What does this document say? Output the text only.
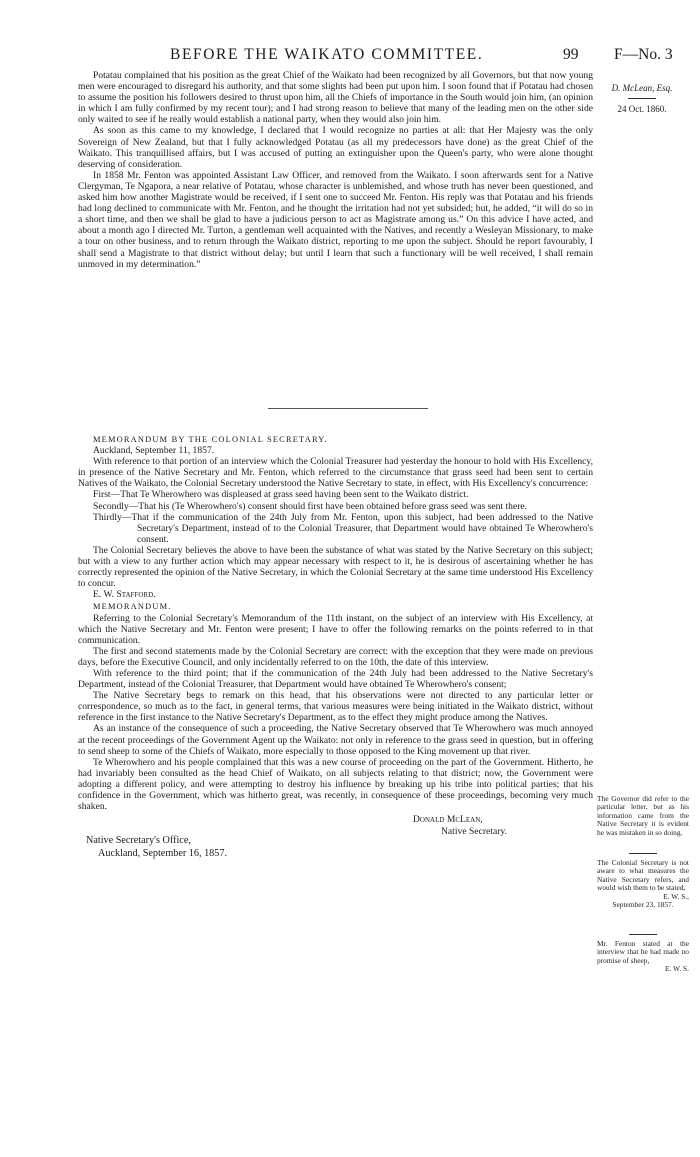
BEFORE THE WAIKATO COMMITTEE.	99 F—No. 3
D. McLean, Esq.
24 Oct. 1860.

Potatau complained that his position as the great Chief of the Waikato had been recognized by all Governors, but that now young men were encouraged to disregard his authority, and that some slights had been put upon him. I soon found that if Potatau had chosen to assume the position his followers desired to thrust upon him, all the Chiefs of importance in the South would join him, (an opinion in which I am fully confirmed by my recent tour); and I had strong reason to believe that many of the leading men on the other side only waited to see if he really would establish a national party, when they would also join him.

As soon as this came to my knowledge, I declared that I would recognize no parties at all: that Her Majesty was the only Sovereign of New Zealand, but that I fully acknowledged Potatau (as all my predecessors have done) as the great Chief of the Waikato. This tranquillised affairs, but I was accused of putting an extinguisher upon the Queen's party, who were alone thought deserving of consideration.

In 1858 Mr. Fenton was appointed Assistant Law Officer, and removed from the Waikato. I soon afterwards sent for a Native Clergyman, Te Ngapora, a near relative of Potatau, whose character is unblemished, and whose truth has never been questioned, and asked him how another Magistrate would be received, if I sent one to succeed Mr. Fenton. His reply was that Potatau and his friends had long declined to communicate with Mr. Fenton, and he thought the irritation had not yet subsided; but, he added, “it will do so in a short time, and then we shall be glad to have a judicious person to act as Magistrate among us.” On this advice I have acted, and about a month ago I directed Mr. Turton, a gentleman well acquainted with the Natives, and recently a Wesleyan Missionary, to make a tour on other business, and to return through the Waikato district, reporting to me upon the subject. Should he report favourably, I shall send a Magistrate to that district without delay; but until I learn that such a functionary will be well received, I shall remain unmoved in my determination.”

MEMORANDUM BY THE COLONIAL SECRETARY.

Auckland, September 11, 1857.

With reference to that portion of an interview which the Colonial Treasurer had yesterday the honour to hold with His Excellency, in presence of the Native Secretary and Mr. Fenton, which referred to the circumstance that grass seed had been sent to certain Natives of the Waikato, the Colonial Secretary understood the Native Secretary to state, in effect, with His Excellency's concurrence:

First—That Te Wherowhero was displeased at grass seed having been sent to the Waikato district.

Secondly—That his (Te Wherowhero's) consent should first have been obtained before grass seed was sent there.

Thirdly—That if the communication of the 24th July from Mr. Fenton, upon this subject, had been addressed to the Native Secretary's Department, instead of to the Colonial Treasurer, that Department would have obtained Te Wherowhero's consent.

The Colonial Secretary believes the above to have been the substance of what was stated by the Native Secretary on this subject; but with a view to any further action which may appear necessary with respect to it, he is desirous of ascertaining whether he has correctly represented the opinion of the Native Secretary, in which the Colonial Secretary at the same time understood His Excellency to concur.

E. W. Stafford.

MEMORANDUM.

Referring to the Colonial Secretary's Memorandum of the 11th instant, on the subject of an interview with His Excellency, at which the Native Secretary and Mr. Fenton were present; I have to offer the following remarks on the points referred to in that communication.

The first and second statements made by the Colonial Secretary are correct: with the exception that they were made on previous days, before the Executive Council, and only incidentally referred to on the 10th, the date of this interview.

With reference to the third point; that if the communication of the 24th July had been addressed to the Native Secretary's Department, instead of the Colonial Treasurer, that Department would have obtained Te Wherowhero's consent;

The Native Secretary begs to remark on this head, that his observations were not directed to any particular letter or correspondence, so much as to the fact, in general terms, that various measures were being initiated in the Waikato district, without reference in the first instance to the Native Secretary's Department, as to the effect they might produce among the Natives.

As an instance of the consequence of such a proceeding, the Native Secretary observed that Te Wherowhero was much annoyed at the recent proceedings of the Government Agent up the Waikato: not only in reference to the grass seed in question, but in offering to send sheep to some of the Chiefs of Waikato, more especially to those opposed to the King movement up that river.

Te Wherowhero and his people complained that this was a new course of proceeding on the part of the Government. Hitherto, he had invariably been consulted as the head Chief of Waikato, on all subjects relating to that district; now, the Government were adopting a different policy, and were attempting to destroy his influence by breaking up his tribe into political parties; that his confidence in the Government, which was hitherto great, was recently, in consequence of these proceedings, becoming very much shaken.

Donald McLean,
Native Secretary.
Native Secretary's Office,
Auckland, September 16, 1857.
The Governor did refer to the particular letter, but as his information came from the Native Secretary it is evident he was mistaken in so doing.
The Colonial Secretary is not aware to what measures the Native Secretary refers, and would wish them to be stated,
E. W. S.,
September 23, 1857.
Mr. Fenton stated at the interview that he had made no promise of sheep,
E. W. S.
